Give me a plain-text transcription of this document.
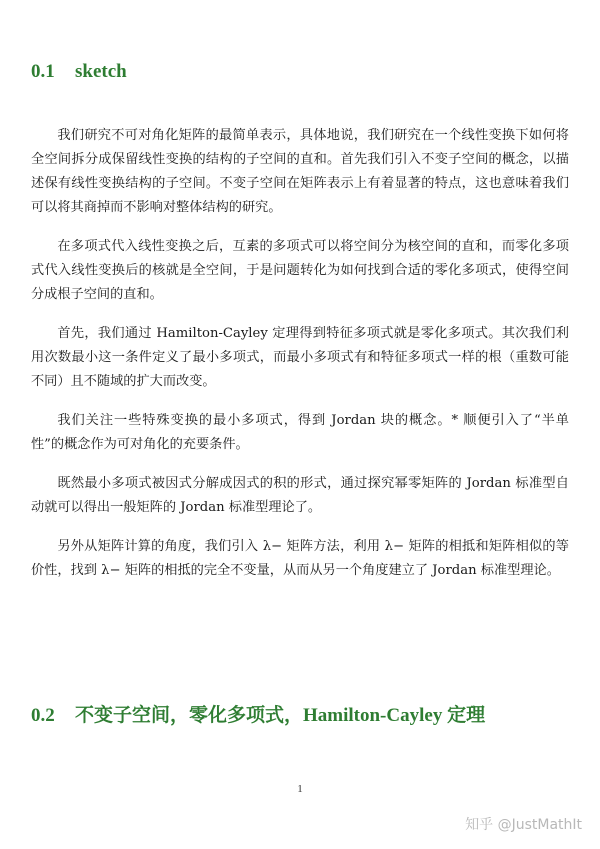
0.1 sketch

我们研究不可对角化矩阵的最简单表示，具体地说，我们研究在一个线性变换下如何将全空间拆分成保留线性变换的结构的子空间的直和。首先我们引入不变子空间的概念，以描述保有线性变换结构的子空间。不变子空间在矩阵表示上有着显著的特点，这也意味着我们可以将其商掉而不影响对整体结构的研究。

在多项式代入线性变换之后，互素的多项式可以将空间分为核空间的直和，而零化多项式代入线性变换后的核就是全空间，于是问题转化为如何找到合适的零化多项式，使得空间分成根子空间的直和。

首先，我们通过 Hamilton-Cayley 定理得到特征多项式就是零化多项式。其次我们利用次数最小这一条件定义了最小多项式，而最小多项式有和特征多项式一样的根（重数可能不同）且不随域的扩大而改变。

我们关注一些特殊变换的最小多项式，得到 Jordan 块的概念。* 顺便引入了“半单性”的概念作为可对角化的充要条件。

既然最小多项式被因式分解成因式的积的形式，通过探究幂零矩阵的 Jordan 标准型自动就可以得出一般矩阵的 Jordan 标准型理论了。

另外从矩阵计算的角度，我们引入 λ− 矩阵方法，利用 λ− 矩阵的相抵和矩阵相似的等价性，找到 λ− 矩阵的相抵的完全不变量，从而从另一个角度建立了 Jordan 标准型理论。

0.2 不变子空间，零化多项式，Hamilton-Cayley 定理
1
知乎 @JustMathIt
